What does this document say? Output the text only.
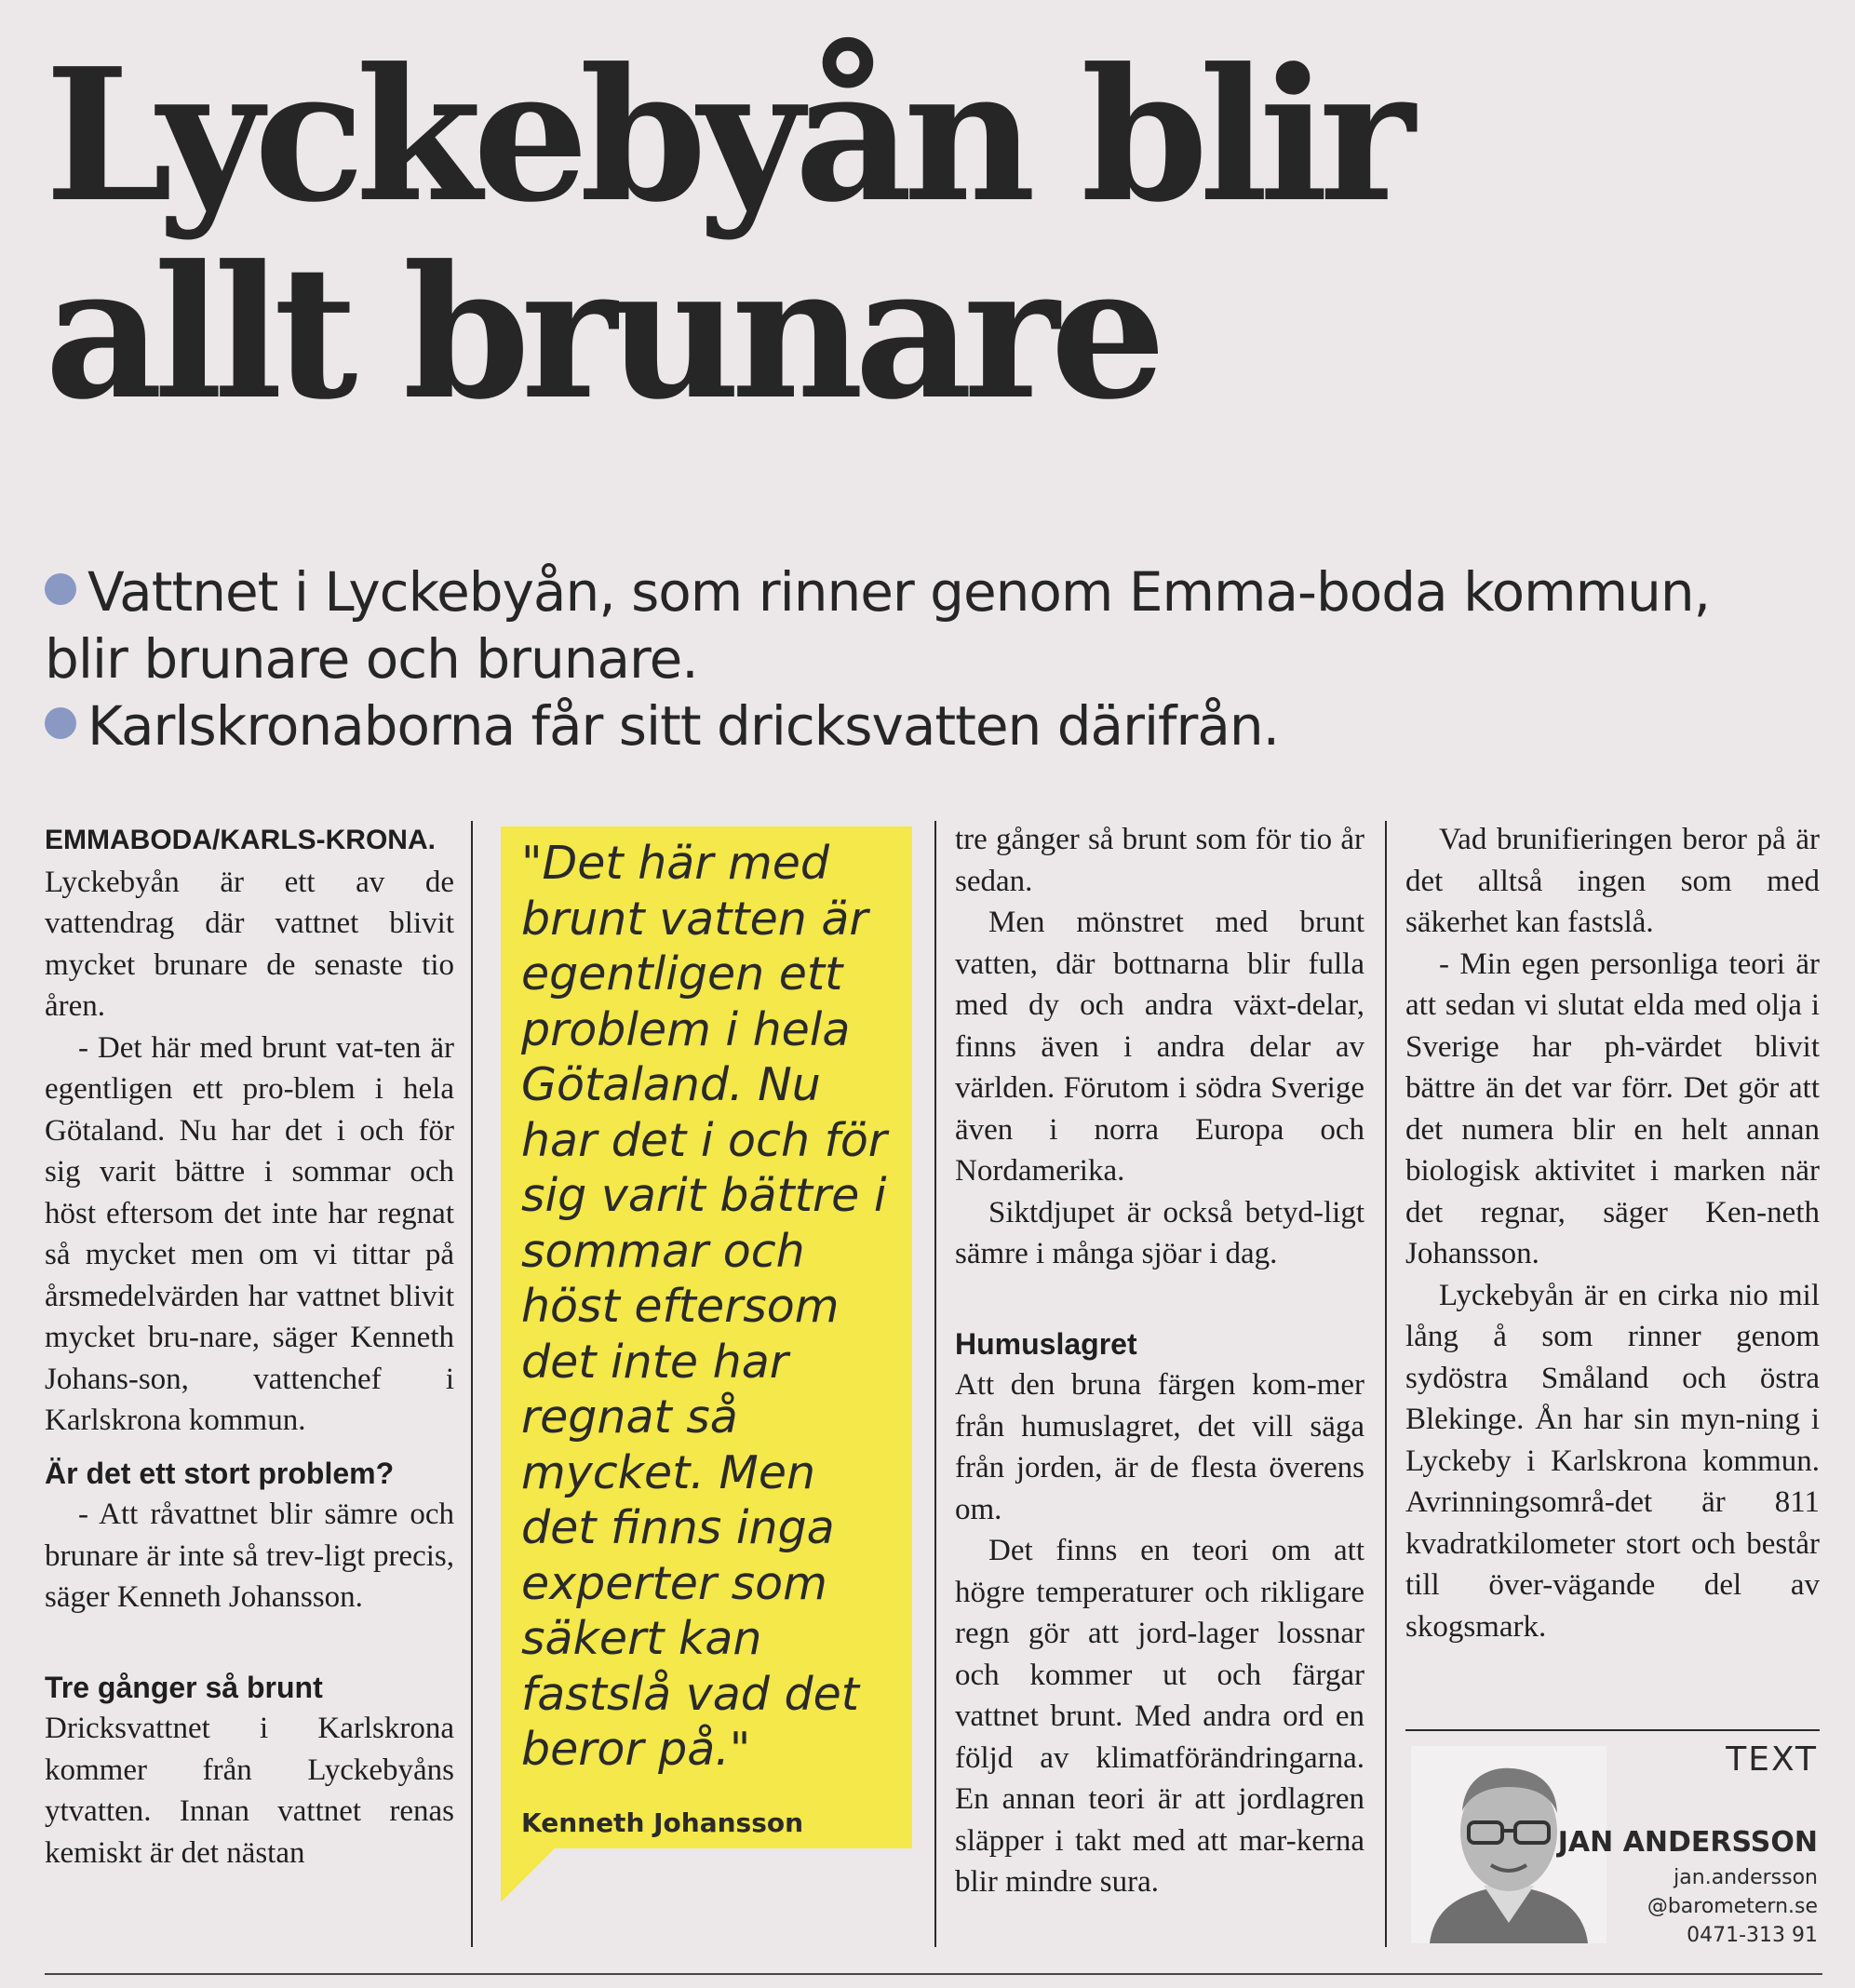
Lyckebyån blir
allt brunare

Vattnet i Lyckebyån, som rinner genom Emma-boda kommun, blir brunare och brunare.

Karlskronaborna får sitt dricksvatten därifrån.

EMMABODA/KARLS-KRONA. Lyckebyån är ett av de vattendrag där vattnet blivit mycket brunare de senaste tio åren.

- Det här med brunt vat-ten är egentligen ett pro-blem i hela Götaland. Nu har det i och för sig varit bättre i sommar och höst eftersom det inte har regnat så mycket men om vi tittar på årsmedelvärden har vattnet blivit mycket bru-nare, säger Kenneth Johans-son, vattenchef i Karlskrona kommun.

Är det ett stort problem?

- Att råvattnet blir sämre och brunare är inte så trev-ligt precis, säger Kenneth Johansson.

Tre gånger så brunt

Dricksvattnet i Karlskrona kommer från Lyckebyåns ytvatten. Innan vattnet renas kemiskt är det nästan

"Det här med brunt vatten är egentligen ett problem i hela Götaland. Nu har det i och för sig varit bättre i sommar och höst eftersom det inte har regnat så mycket. Men det finns inga experter som säkert kan fastslå vad det beror på."

Kenneth Johansson

tre gånger så brunt som för tio år sedan.

Men mönstret med brunt vatten, där bottnarna blir fulla med dy och andra växt-delar, finns även i andra delar av världen. Förutom i södra Sverige även i norra Europa och Nordamerika.

Siktdjupet är också betyd-ligt sämre i många sjöar i dag.

Humuslagret

Att den bruna färgen kom-mer från humuslagret, det vill säga från jorden, är de flesta överens om.

Det finns en teori om att högre temperaturer och rikligare regn gör att jord-lager lossnar och kommer ut och färgar vattnet brunt. Med andra ord en följd av klimatförändringarna. En annan teori är att jordlagren släpper i takt med att mar-kerna blir mindre sura.

Vad brunifieringen beror på är det alltså ingen som med säkerhet kan fastslå.

- Min egen personliga teori är att sedan vi slutat elda med olja i Sverige har ph-värdet blivit bättre än det var förr. Det gör att det numera blir en helt annan biologisk aktivitet i marken när det regnar, säger Ken-neth Johansson.

Lyckebyån är en cirka nio mil lång å som rinner genom sydöstra Småland och östra Blekinge. Ån har sin myn-ning i Lyckeby i Karlskrona kommun. Avrinningsområ-det är 811 kvadratkilometer stort och består till över-vägande del av skogsmark.

TEXT
JAN ANDERSSON
jan.andersson
@barometern.se
0471-313 91
